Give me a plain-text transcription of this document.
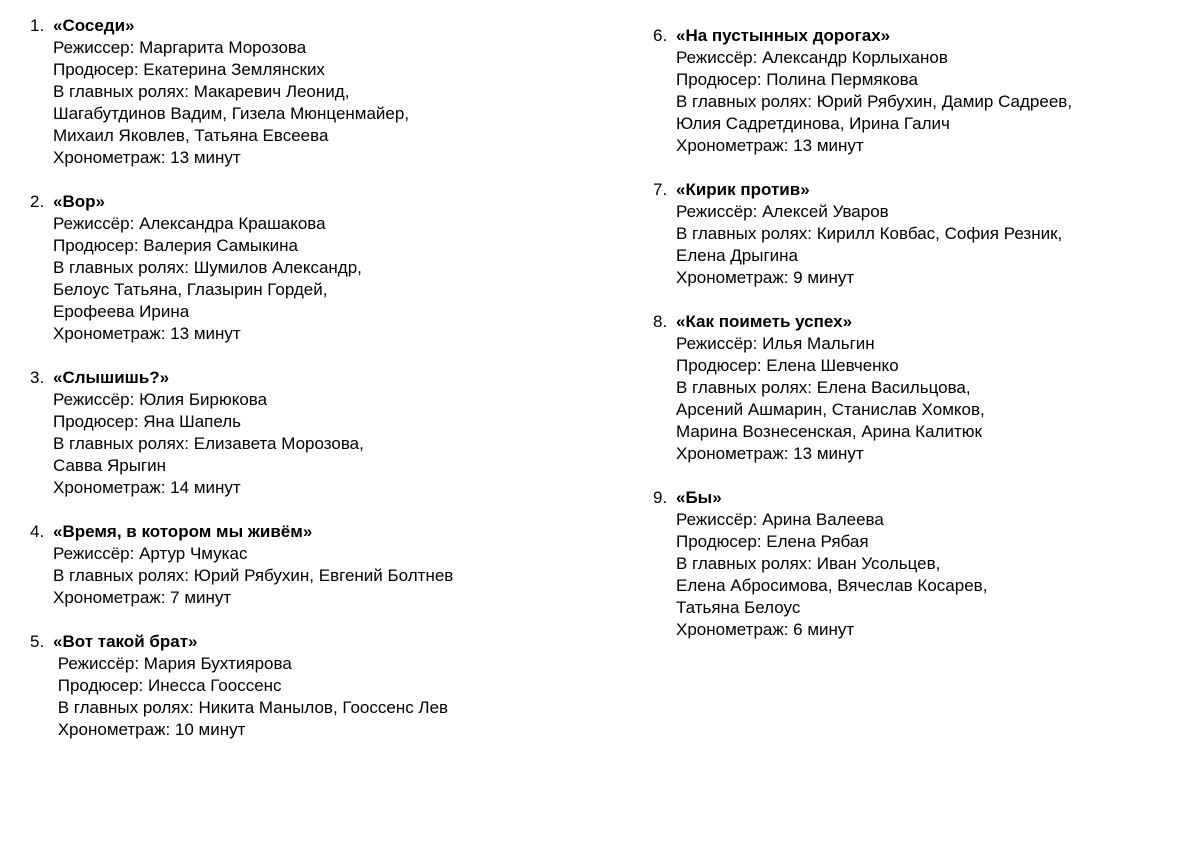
1. «Соседи»
Режиссер: Маргарита Морозова
Продюсер: Екатерина Землянских
В главных ролях: Макаревич Леонид,
Шагабутдинов Вадим, Гизела Мюнценмайер,
Михаил Яковлев, Татьяна Евсеева
Хронометраж: 13 минут
2. «Вор»
Режиссёр: Александра Крашакова
Продюсер: Валерия Самыкина
В главных ролях: Шумилов Александр,
Белоус Татьяна, Глазырин Гордей,
Ерофеева Ирина
Хронометраж: 13 минут
3. «Слышишь?»
Режиссёр: Юлия Бирюкова
Продюсер: Яна Шапель
В главных ролях: Елизавета Морозова,
Савва Ярыгин
Хронометраж: 14 минут
4. «Время, в котором мы живём»
Режиссёр: Артур Чмукас
В главных ролях: Юрий Рябухин, Евгений Болтнев
Хронометраж: 7 минут
5. «Вот такой брат»
Режиссёр: Мария Бухтиярова
Продюсер: Инесса Гооссенс
В главных ролях: Никита Манылов, Гооссенс Лев
Хронометраж: 10 минут
6. «На пустынных дорогах»
Режиссёр: Александр Корлыханов
Продюсер: Полина Пермякова
В главных ролях: Юрий Рябухин, Дамир Садреев,
Юлия Садретдинова, Ирина Галич
Хронометраж: 13 минут
7. «Кирик против»
Режиссёр: Алексей Уваров
В главных ролях: Кирилл Ковбас, София Резник,
Елена Дрыгина
Хронометраж: 9 минут
8. «Как поиметь успех»
Режиссёр: Илья Мальгин
Продюсер: Елена Шевченко
В главных ролях: Елена Васильцова,
Арсений Ашмарин, Станислав Хомков,
Марина Вознесенская, Арина Калитюк
Хронометраж: 13 минут
9. «Бы»
Режиссёр: Арина Валеева
Продюсер: Елена Рябая
В главных ролях: Иван Усольцев,
Елена Абросимова, Вячеслав Косарев,
Татьяна Белоус
Хронометраж: 6 минут
